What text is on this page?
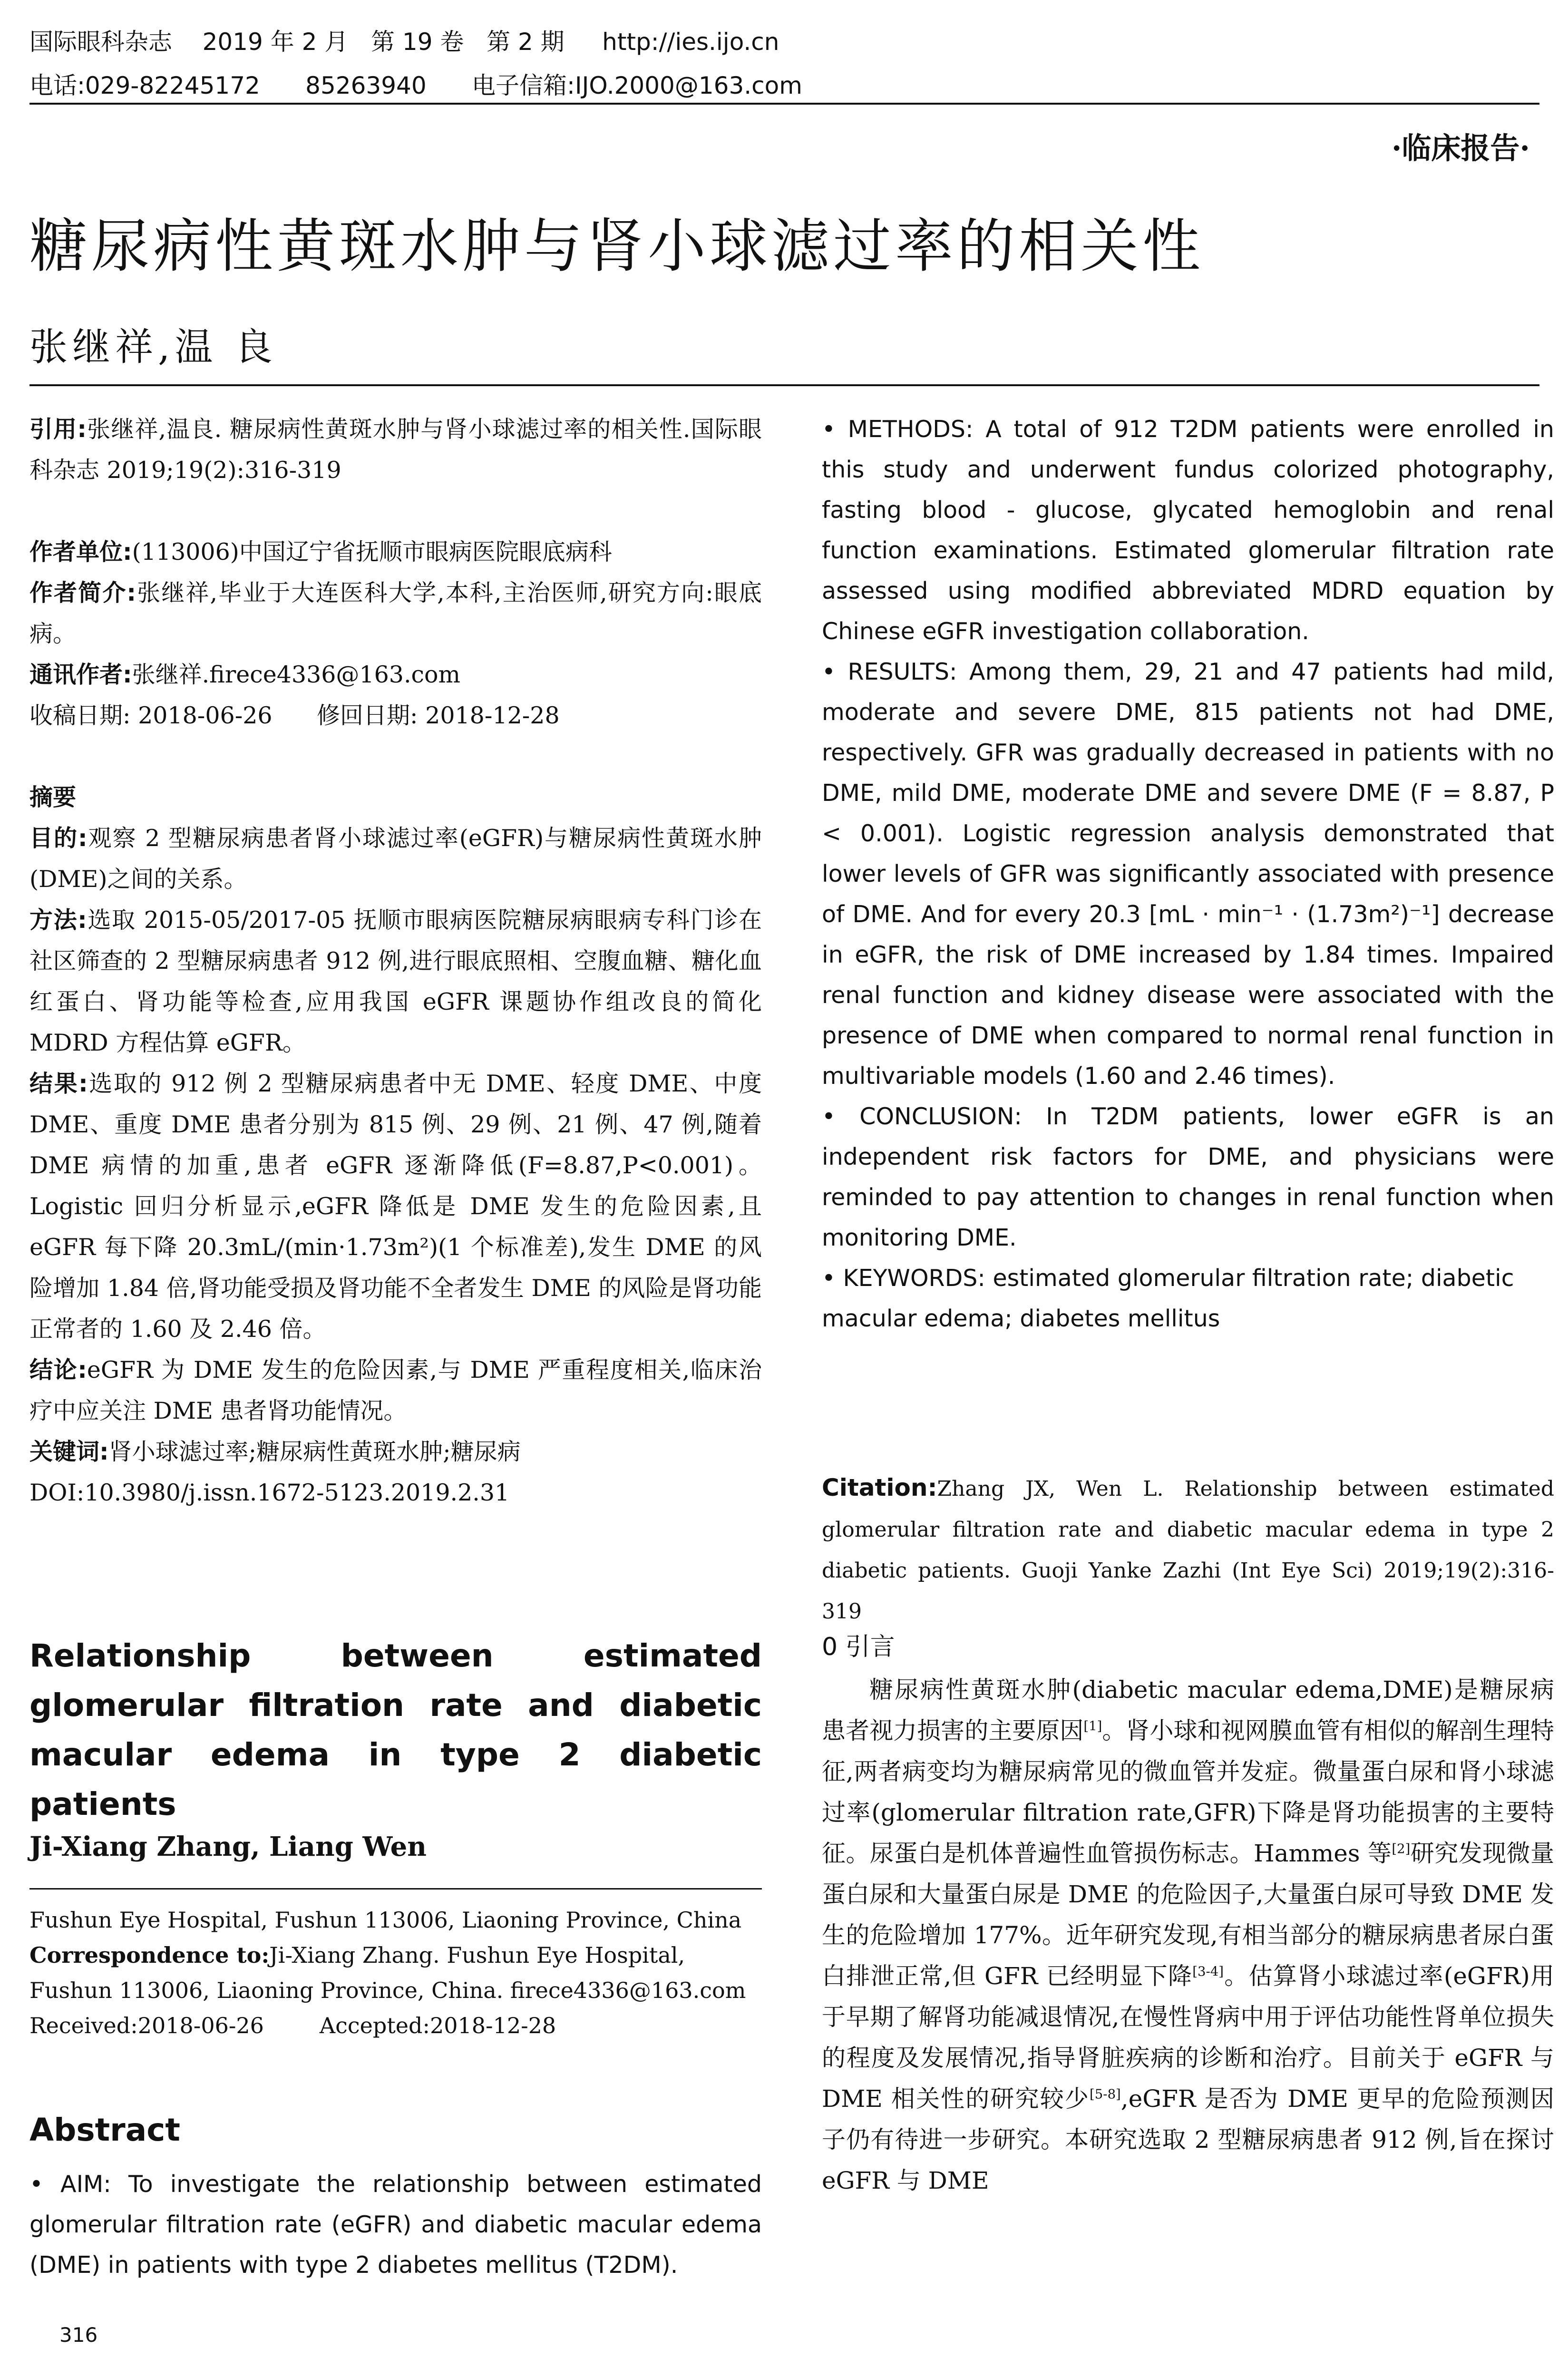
国际眼科杂志    2019 年 2 月   第 19 卷   第 2 期     http://ies.ijo.cn
电话:029-82245172      85263940      电子信箱:IJO.2000@163.com
·临床报告·
糖尿病性黄斑水肿与肾小球滤过率的相关性
张继祥,温 良

引用:张继祥,温良. 糖尿病性黄斑水肿与肾小球滤过率的相关性.国际眼科杂志 2019;19(2):316-319

作者单位:(113006)中国辽宁省抚顺市眼病医院眼底病科

作者简介:张继祥,毕业于大连医科大学,本科,主治医师,研究方向:眼底病。

通讯作者:张继祥.firece4336@163.com

收稿日期: 2018-06-26      修回日期: 2018-12-28

摘要

目的:观察 2 型糖尿病患者肾小球滤过率(eGFR)与糖尿病性黄斑水肿(DME)之间的关系。

方法:选取 2015-05/2017-05 抚顺市眼病医院糖尿病眼病专科门诊在社区筛查的 2 型糖尿病患者 912 例,进行眼底照相、空腹血糖、糖化血红蛋白、肾功能等检查,应用我国 eGFR 课题协作组改良的简化 MDRD 方程估算 eGFR。

结果:选取的 912 例 2 型糖尿病患者中无 DME、轻度 DME、中度 DME、重度 DME 患者分别为 815 例、29 例、21 例、47 例,随着 DME 病情的加重,患者 eGFR 逐渐降低(F=8.87,P<0.001)。Logistic 回归分析显示,eGFR 降低是 DME 发生的危险因素,且 eGFR 每下降 20.3mL/(min·1.73m²)(1 个标准差),发生 DME 的风险增加 1.84 倍,肾功能受损及肾功能不全者发生 DME 的风险是肾功能正常者的 1.60 及 2.46 倍。

结论:eGFR 为 DME 发生的危险因素,与 DME 严重程度相关,临床治疗中应关注 DME 患者肾功能情况。

关键词:肾小球滤过率;糖尿病性黄斑水肿;糖尿病

DOI:10.3980/j.issn.1672-5123.2019.2.31

Relationship between estimated glomerular filtration rate and diabetic macular edema in type 2 diabetic patients
Ji-Xiang Zhang, Liang Wen
Fushun Eye Hospital, Fushun 113006, Liaoning Province, China
Correspondence to:Ji-Xiang Zhang. Fushun Eye Hospital, Fushun 113006, Liaoning Province, China. firece4336@163.com
Received:2018-06-26        Accepted:2018-12-28
Abstract
• AIM: To investigate the relationship between estimated glomerular filtration rate (eGFR) and diabetic macular edema (DME) in patients with type 2 diabetes mellitus (T2DM).
316

• METHODS: A total of 912 T2DM patients were enrolled in this study and underwent fundus colorized photography, fasting blood - glucose, glycated hemoglobin and renal function examinations. Estimated glomerular filtration rate assessed using modified abbreviated MDRD equation by Chinese eGFR investigation collaboration.

• RESULTS: Among them, 29, 21 and 47 patients had mild, moderate and severe DME, 815 patients not had DME, respectively. GFR was gradually decreased in patients with no DME, mild DME, moderate DME and severe DME (F = 8.87, P < 0.001). Logistic regression analysis demonstrated that lower levels of GFR was significantly associated with presence of DME. And for every 20.3 [mL · min⁻¹ · (1.73m²)⁻¹] decrease in eGFR, the risk of DME increased by 1.84 times. Impaired renal function and kidney disease were associated with the presence of DME when compared to normal renal function in multivariable models (1.60 and 2.46 times).

• CONCLUSION: In T2DM patients, lower eGFR is an independent risk factors for DME, and physicians were reminded to pay attention to changes in renal function when monitoring DME.

• KEYWORDS: estimated glomerular filtration rate; diabetic macular edema; diabetes mellitus

Citation:Zhang JX, Wen L. Relationship between estimated glomerular filtration rate and diabetic macular edema in type 2 diabetic patients. Guoji Yanke Zazhi (Int Eye Sci) 2019;19(2):316-319
0 引言
糖尿病性黄斑水肿(diabetic macular edema,DME)是糖尿病患者视力损害的主要原因[1]。肾小球和视网膜血管有相似的解剖生理特征,两者病变均为糖尿病常见的微血管并发症。微量蛋白尿和肾小球滤过率(glomerular filtration rate,GFR)下降是肾功能损害的主要特征。尿蛋白是机体普遍性血管损伤标志。Hammes 等[2]研究发现微量蛋白尿和大量蛋白尿是 DME 的危险因子,大量蛋白尿可导致 DME 发生的危险增加 177%。近年研究发现,有相当部分的糖尿病患者尿白蛋白排泄正常,但 GFR 已经明显下降[3-4]。估算肾小球滤过率(eGFR)用于早期了解肾功能减退情况,在慢性肾病中用于评估功能性肾单位损失的程度及发展情况,指导肾脏疾病的诊断和治疗。目前关于 eGFR 与 DME 相关性的研究较少[5-8],eGFR 是否为 DME 更早的危险预测因子仍有待进一步研究。本研究选取 2 型糖尿病患者 912 例,旨在探讨 eGFR 与 DME
